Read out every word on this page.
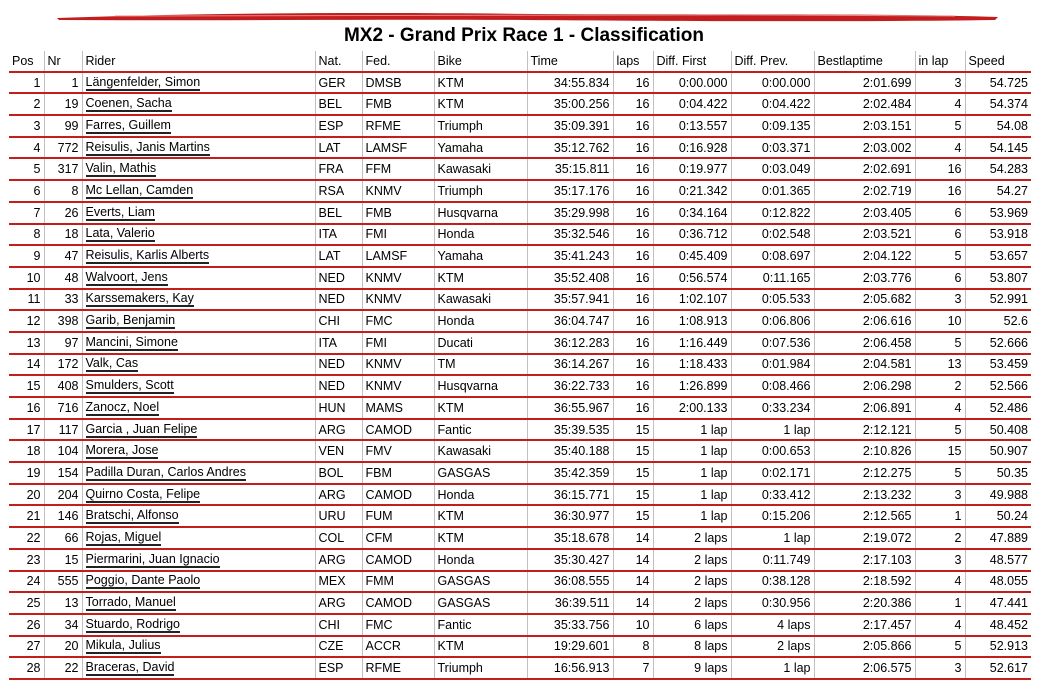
MX2 - Grand Prix Race 1 - Classification
Pos	Nr	Rider	Nat.	Fed.	Bike	Time	laps	Diff. First	Diff. Prev.	Bestlaptime	in lap	Speed
1	1	Längenfelder, Simon	GER	DMSB	KTM	34:55.834	16	0:00.000	0:00.000	2:01.699	3	54.725
2	19	Coenen, Sacha	BEL	FMB	KTM	35:00.256	16	0:04.422	0:04.422	2:02.484	4	54.374
3	99	Farres, Guillem	ESP	RFME	Triumph	35:09.391	16	0:13.557	0:09.135	2:03.151	5	54.08
4	772	Reisulis, Janis Martins	LAT	LAMSF	Yamaha	35:12.762	16	0:16.928	0:03.371	2:03.002	4	54.145
5	317	Valin, Mathis	FRA	FFM	Kawasaki	35:15.811	16	0:19.977	0:03.049	2:02.691	16	54.283
6	8	Mc Lellan, Camden	RSA	KNMV	Triumph	35:17.176	16	0:21.342	0:01.365	2:02.719	16	54.27
7	26	Everts, Liam	BEL	FMB	Husqvarna	35:29.998	16	0:34.164	0:12.822	2:03.405	6	53.969
8	18	Lata, Valerio	ITA	FMI	Honda	35:32.546	16	0:36.712	0:02.548	2:03.521	6	53.918
9	47	Reisulis, Karlis Alberts	LAT	LAMSF	Yamaha	35:41.243	16	0:45.409	0:08.697	2:04.122	5	53.657
10	48	Walvoort, Jens	NED	KNMV	KTM	35:52.408	16	0:56.574	0:11.165	2:03.776	6	53.807
11	33	Karssemakers, Kay	NED	KNMV	Kawasaki	35:57.941	16	1:02.107	0:05.533	2:05.682	3	52.991
12	398	Garib, Benjamin	CHI	FMC	Honda	36:04.747	16	1:08.913	0:06.806	2:06.616	10	52.6
13	97	Mancini, Simone	ITA	FMI	Ducati	36:12.283	16	1:16.449	0:07.536	2:06.458	5	52.666
14	172	Valk, Cas	NED	KNMV	TM	36:14.267	16	1:18.433	0:01.984	2:04.581	13	53.459
15	408	Smulders, Scott	NED	KNMV	Husqvarna	36:22.733	16	1:26.899	0:08.466	2:06.298	2	52.566
16	716	Zanocz, Noel	HUN	MAMS	KTM	36:55.967	16	2:00.133	0:33.234	2:06.891	4	52.486
17	117	Garcia , Juan Felipe	ARG	CAMOD	Fantic	35:39.535	15	1 lap	1 lap	2:12.121	5	50.408
18	104	Morera, Jose	VEN	FMV	Kawasaki	35:40.188	15	1 lap	0:00.653	2:10.826	15	50.907
19	154	Padilla Duran, Carlos Andres	BOL	FBM	GASGAS	35:42.359	15	1 lap	0:02.171	2:12.275	5	50.35
20	204	Quirno Costa, Felipe	ARG	CAMOD	Honda	36:15.771	15	1 lap	0:33.412	2:13.232	3	49.988
21	146	Bratschi, Alfonso	URU	FUM	KTM	36:30.977	15	1 lap	0:15.206	2:12.565	1	50.24
22	66	Rojas, Miguel	COL	CFM	KTM	35:18.678	14	2 laps	1 lap	2:19.072	2	47.889
23	15	Piermarini, Juan Ignacio	ARG	CAMOD	Honda	35:30.427	14	2 laps	0:11.749	2:17.103	3	48.577
24	555	Poggio, Dante Paolo	MEX	FMM	GASGAS	36:08.555	14	2 laps	0:38.128	2:18.592	4	48.055
25	13	Torrado, Manuel	ARG	CAMOD	GASGAS	36:39.511	14	2 laps	0:30.956	2:20.386	1	47.441
26	34	Stuardo, Rodrigo	CHI	FMC	Fantic	35:33.756	10	6 laps	4 laps	2:17.457	4	48.452
27	20	Mikula, Julius	CZE	ACCR	KTM	19:29.601	8	8 laps	2 laps	2:05.866	5	52.913
28	22	Braceras, David	ESP	RFME	Triumph	16:56.913	7	9 laps	1 lap	2:06.575	3	52.617
